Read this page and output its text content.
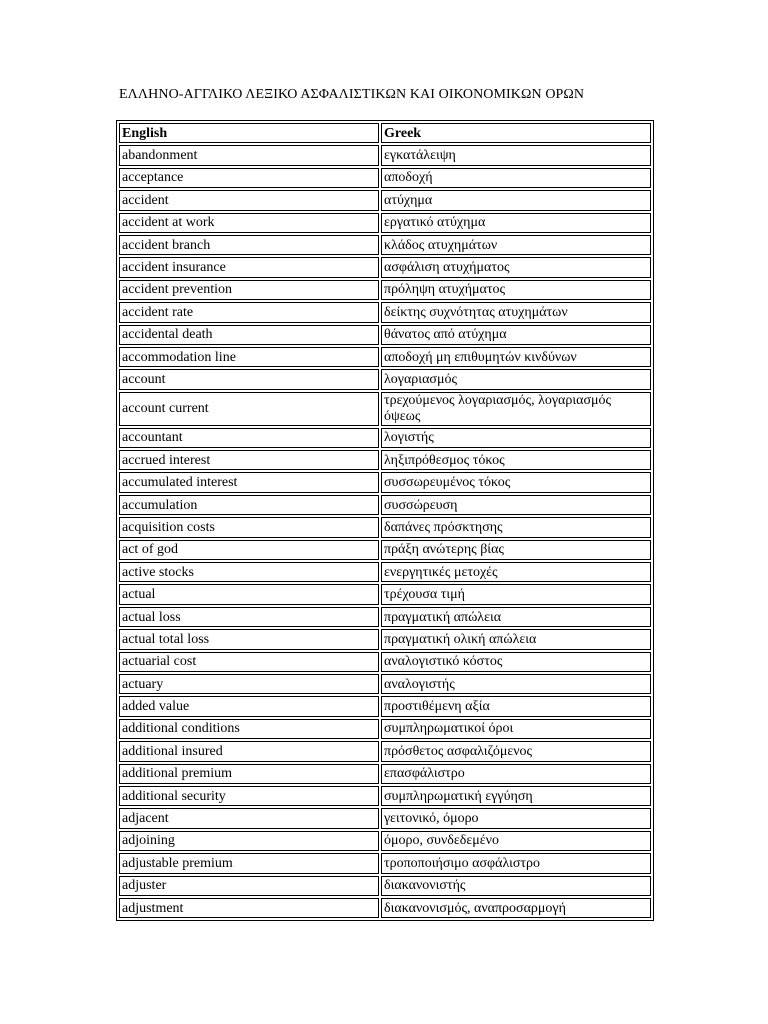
ΕΛΛΗΝΟ-ΑΓΓΛΙΚΟ ΛΕΞΙΚΟ ΑΣΦΑΛΙΣΤΙΚΩΝ ΚΑΙ ΟΙΚΟΝΟΜΙΚΩΝ ΟΡΩΝ
English	Greek
abandonment	εγκατάλειψη
acceptance	αποδοχή
accident	ατύχημα
accident at work	εργατικό ατύχημα
accident branch	κλάδος ατυχημάτων
accident insurance	ασφάλιση ατυχήματος
accident prevention	πρόληψη ατυχήματος
accident rate	δείκτης συχνότητας ατυχημάτων
accidental death	θάνατος από ατύχημα
accommodation line	αποδοχή μη επιθυμητών κινδύνων
account	λογαριασμός
account current	τρεχούμενος λογαριασμός, λογαριασμός όψεως
accountant	λογιστής
accrued interest	ληξιπρόθεσμος τόκος
accumulated interest	συσσωρευμένος τόκος
accumulation	συσσώρευση
acquisition costs	δαπάνες πρόσκτησης
act of god	πράξη ανώτερης βίας
active stocks	ενεργητικές μετοχές
actual	τρέχουσα τιμή
actual loss	πραγματική απώλεια
actual total loss	πραγματική ολική απώλεια
actuarial cost	αναλογιστικό κόστος
actuary	αναλογιστής
added value	προστιθέμενη αξία
additional conditions	συμπληρωματικοί όροι
additional insured	πρόσθετος ασφαλιζόμενος
additional premium	επασφάλιστρο
additional security	συμπληρωματική εγγύηση
adjacent	γειτονικό, όμορο
adjoining	όμορο, συνδεδεμένο
adjustable premium	τροποποιήσιμο ασφάλιστρο
adjuster	διακανονιστής
adjustment	διακανονισμός, αναπροσαρμογή
